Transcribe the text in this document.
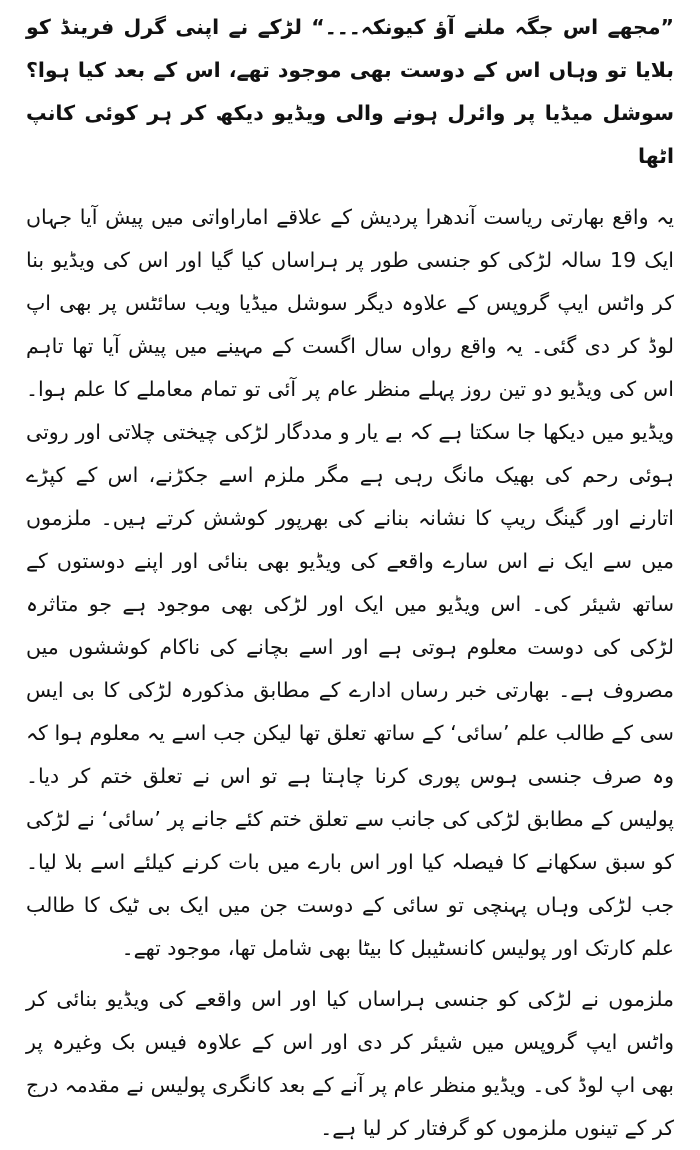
”مجھے اس جگہ ملنے آؤ کیونکہ۔۔۔“ لڑکے نے اپنی گرل فرینڈ کو بلایا تو وہاں اس کے دوست بھی موجود تھے، اس کے بعد کیا ہوا؟ سوشل میڈیا پر وائرل ہونے والی ویڈیو دیکھ کر ہر کوئی کانپ اٹھا

یہ واقع بھارتی ریاست آندھرا پردیش کے علاقے اماراواتی میں پیش آیا جہاں ایک 19 سالہ لڑکی کو جنسی طور پر ہراساں کیا گیا اور اس کی ویڈیو بنا کر واٹس ایپ گروپس کے علاوہ دیگر سوشل میڈیا ویب سائٹس پر بھی اپ لوڈ کر دی گئی۔ یہ واقع رواں سال اگست کے مہینے میں پیش آیا تھا تاہم اس کی ویڈیو دو تین روز پہلے منظر عام پر آئی تو تمام معاملے کا علم ہوا۔ ویڈیو میں دیکھا جا سکتا ہے کہ بے یار و مددگار لڑکی چیختی چلاتی اور روتی ہوئی رحم کی بھیک مانگ رہی ہے مگر ملزم اسے جکڑنے، اس کے کپڑے اتارنے اور گینگ ریپ کا نشانہ بنانے کی بھرپور کوشش کرتے ہیں۔ ملزموں میں سے ایک نے اس سارے واقعے کی ویڈیو بھی بنائی اور اپنے دوستوں کے ساتھ شیئر کی۔ اس ویڈیو میں ایک اور لڑکی بھی موجود ہے جو متاثرہ لڑکی کی دوست معلوم ہوتی ہے اور اسے بچانے کی ناکام کوششوں میں مصروف ہے۔ بھارتی خبر رساں ادارے کے مطابق مذکورہ لڑکی کا بی ایس سی کے طالب علم ’سائی‘ کے ساتھ تعلق تھا لیکن جب اسے یہ معلوم ہوا کہ وہ صرف جنسی ہوس پوری کرنا چاہتا ہے تو اس نے تعلق ختم کر دیا۔ پولیس کے مطابق لڑکی کی جانب سے تعلق ختم کئے جانے پر ’سائی‘ نے لڑکی کو سبق سکھانے کا فیصلہ کیا اور اس بارے میں بات کرنے کیلئے اسے بلا لیا۔ جب لڑکی وہاں پہنچی تو سائی کے دوست جن میں ایک بی ٹیک کا طالب علم کارتک اور پولیس کانسٹیبل کا بیٹا بھی شامل تھا، موجود تھے۔

ملزموں نے لڑکی کو جنسی ہراساں کیا اور اس واقعے کی ویڈیو بنائی کر واٹس ایپ گروپس میں شیئر کر دی اور اس کے علاوہ فیس بک وغیرہ پر بھی اپ لوڈ کی۔ ویڈیو منظر عام پر آنے کے بعد کانگری پولیس نے مقدمہ درج کر کے تینوں ملزموں کو گرفتار کر لیا ہے۔
